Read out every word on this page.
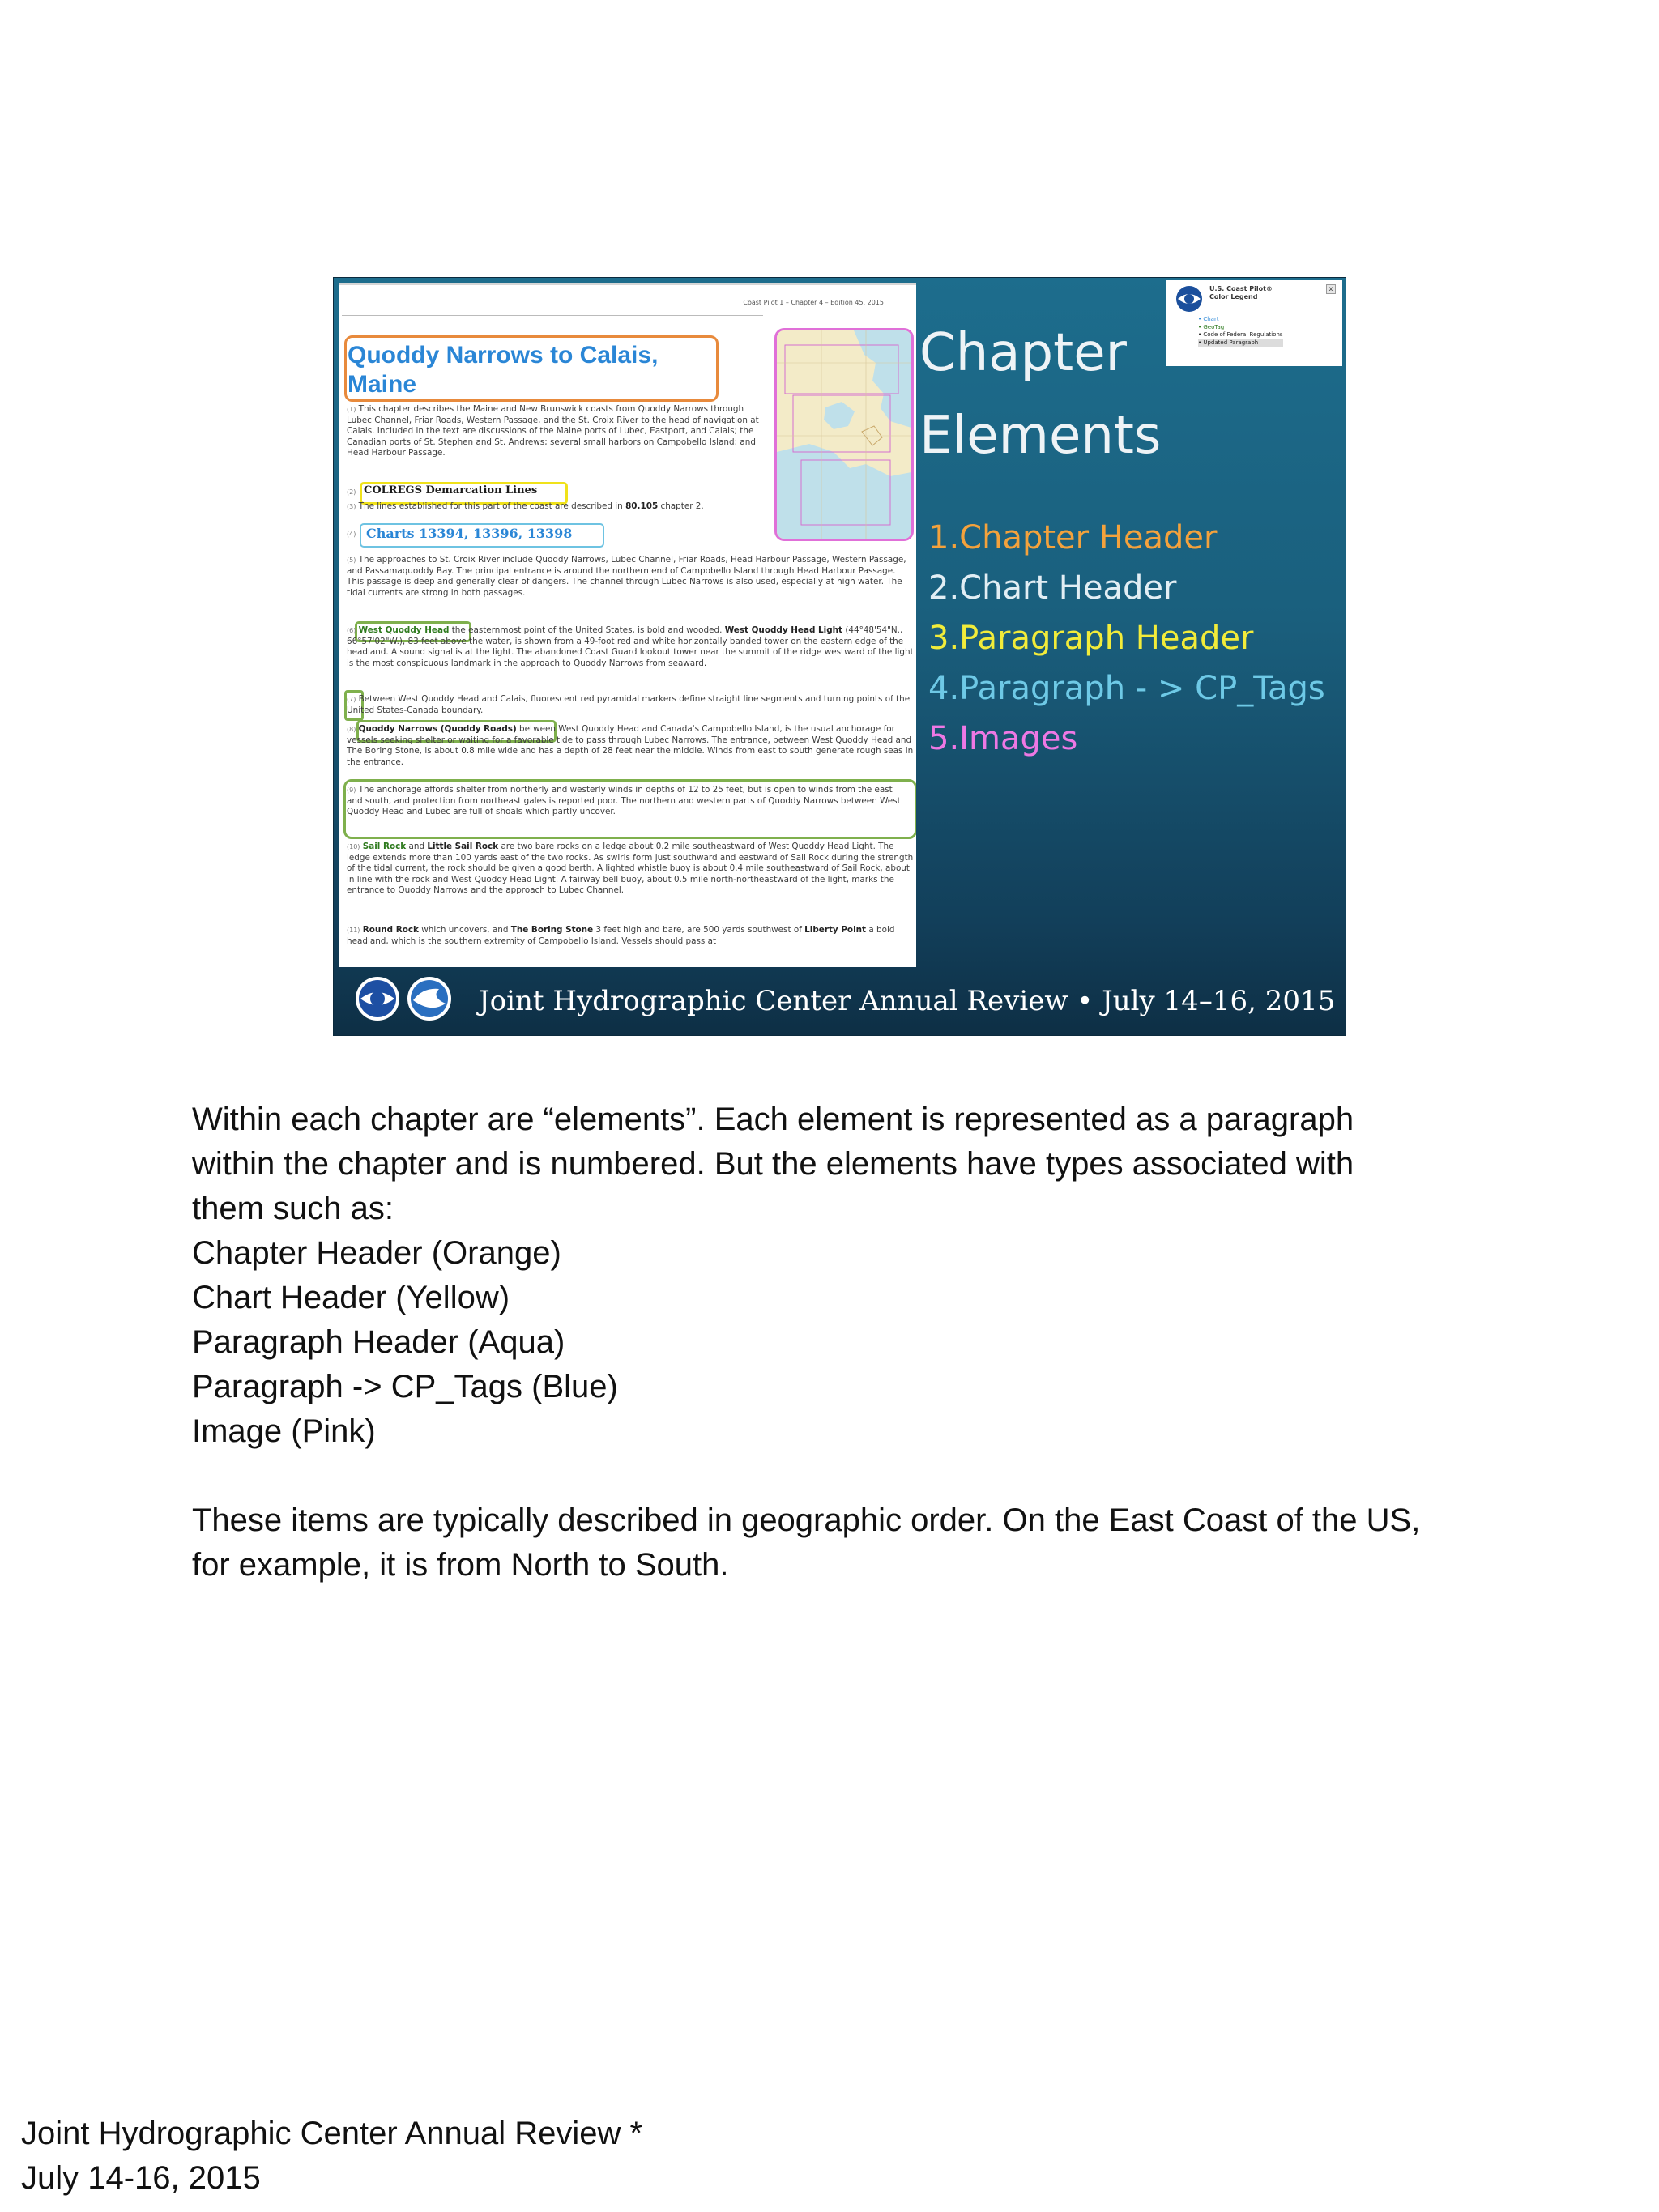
Coast Pilot 1 – Chapter 4 – Edition 45, 2015
Quoddy Narrows to Calais, Maine
(1) This chapter describes the Maine and New Brunswick coasts from Quoddy Narrows through Lubec Channel, Friar Roads, Western Passage, and the St. Croix River to the head of navigation at Calais. Included in the text are discussions of the Maine ports of Lubec, Eastport, and Calais; the Canadian ports of St. Stephen and St. Andrews; several small harbors on Campobello Island; and Head Harbour Passage.
(2) COLREGS Demarcation Lines
(3) The lines established for this part of the coast are described in 80.105 chapter 2.
(4) Charts 13394, 13396, 13398
(5) The approaches to St. Croix River include Quoddy Narrows, Lubec Channel, Friar Roads, Head Harbour Passage, Western Passage, and Passamaquoddy Bay. The principal entrance is around the northern end of Campobello Island through Head Harbour Passage. This passage is deep and generally clear of dangers. The channel through Lubec Narrows is also used, especially at high water. The tidal currents are strong in both passages.
(6) West Quoddy Head the easternmost point of the United States, is bold and wooded. West Quoddy Head Light (44°48'54"N., 66°57'02"W.), 83 feet above the water, is shown from a 49-foot red and white horizontally banded tower on the eastern edge of the headland. A sound signal is at the light. The abandoned Coast Guard lookout tower near the summit of the ridge westward of the light is the most conspicuous landmark in the approach to Quoddy Narrows from seaward.
(7) Between West Quoddy Head and Calais, fluorescent red pyramidal markers define straight line segments and turning points of the United States-Canada boundary.
(8) Quoddy Narrows (Quoddy Roads) between West Quoddy Head and Canada's Campobello Island, is the usual anchorage for vessels seeking shelter or waiting for a favorable tide to pass through Lubec Narrows. The entrance, between West Quoddy Head and The Boring Stone, is about 0.8 mile wide and has a depth of 28 feet near the middle. Winds from east to south generate rough seas in the entrance.
(9) The anchorage affords shelter from northerly and westerly winds in depths of 12 to 25 feet, but is open to winds from the east and south, and protection from northeast gales is reported poor. The northern and western parts of Quoddy Narrows between West Quoddy Head and Lubec are full of shoals which partly uncover.
(10) Sail Rock and Little Sail Rock are two bare rocks on a ledge about 0.2 mile southeastward of West Quoddy Head Light. The ledge extends more than 100 yards east of the two rocks. As swirls form just southward and eastward of Sail Rock during the strength of the tidal current, the rock should be given a good berth. A lighted whistle buoy is about 0.4 mile southeastward of Sail Rock, about in line with the rock and West Quoddy Head Light. A fairway bell buoy, about 0.5 mile north-northeastward of the light, marks the entrance to Quoddy Narrows and the approach to Lubec Channel.
(11) Round Rock which uncovers, and The Boring Stone 3 feet high and bare, are 500 yards southwest of Liberty Point a bold headland, which is the southern extremity of Campobello Island. Vessels should pass at
Chapter
Elements
1.Chapter Header
2.Chart Header
3.Paragraph Header
4.Paragraph - > CP_Tags
5.Images
U.S. Coast Pilot®
Color Legend
x
• Chart
• GeoTag
• Code of Federal Regulations
• Updated Paragraph
Joint Hydrographic Center Annual Review • July 14–16, 2015

Within each chapter are “elements”. Each element is represented as a paragraph

within the chapter and is numbered. But the elements have types associated with

them such as:

Chapter Header (Orange)

Chart Header (Yellow)

Paragraph Header (Aqua)

Paragraph -> CP_Tags (Blue)

Image (Pink)

These items are typically described in geographic order. On the East Coast of the US,

for example, it is from North to South.

Joint Hydrographic Center Annual Review *
July 14-16, 2015
